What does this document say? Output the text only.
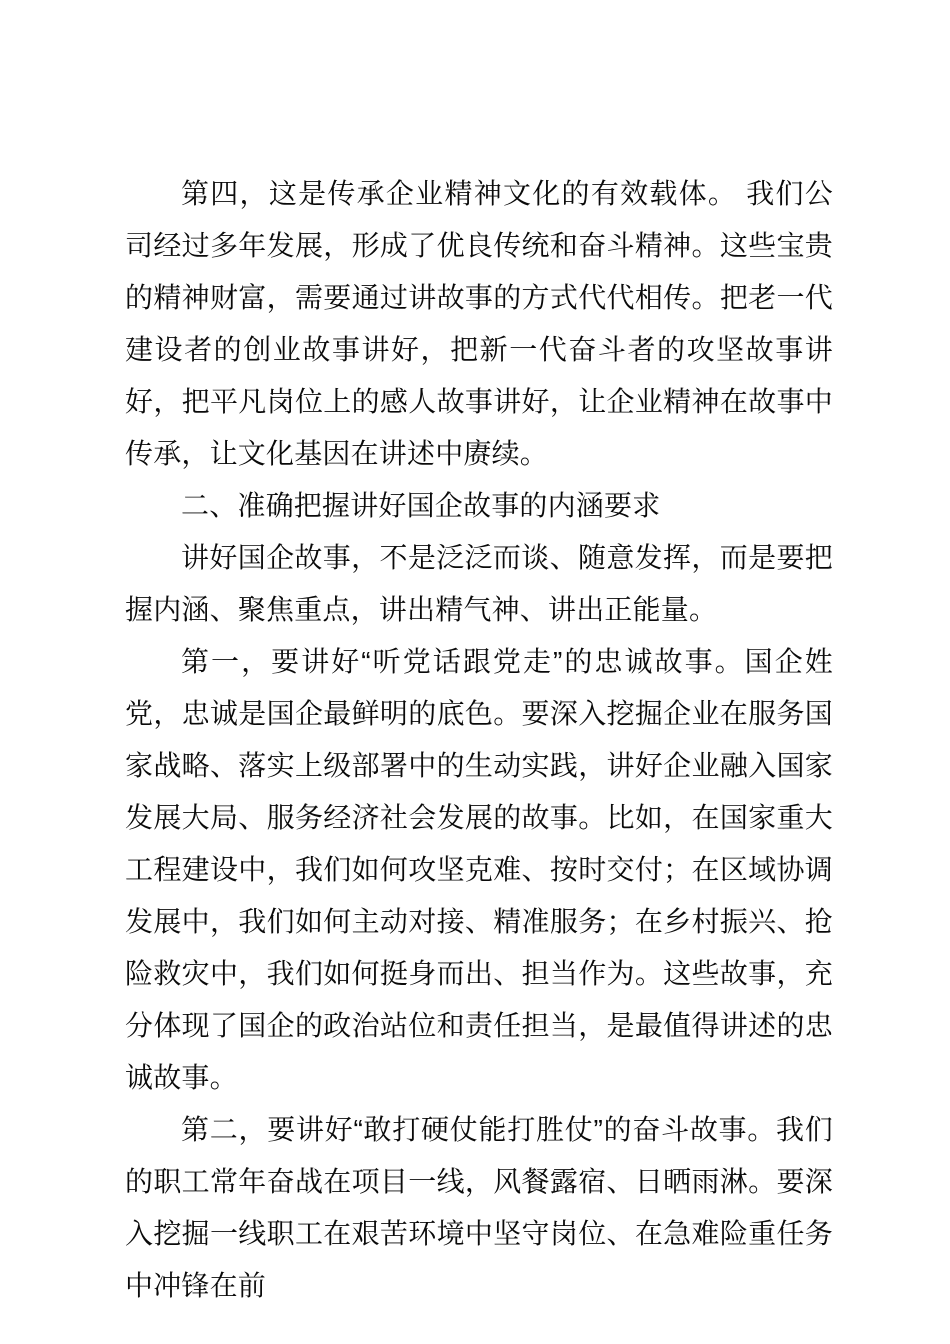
第四，这是传承企业精神文化的有效载体。 我们公司经过多年发展，形成了优良传统和奋斗精神。这些宝贵的精神财富，需要通过讲故事的方式代代相传。把老一代建设者的创业故事讲好，把新一代奋斗者的攻坚故事讲好，把平凡岗位上的感人故事讲好，让企业精神在故事中传承，让文化基因在讲述中赓续。

二、准确把握讲好国企故事的内涵要求

讲好国企故事，不是泛泛而谈、随意发挥，而是要把握内涵、聚焦重点，讲出精气神、讲出正能量。

第一，要讲好“听党话跟党走”的忠诚故事。国企姓党，忠诚是国企最鲜明的底色。要深入挖掘企业在服务国家战略、落实上级部署中的生动实践，讲好企业融入国家发展大局、服务经济社会发展的故事。比如，在国家重大工程建设中，我们如何攻坚克难、按时交付；在区域协调发展中，我们如何主动对接、精准服务；在乡村振兴、抢险救灾中，我们如何挺身而出、担当作为。这些故事，充分体现了国企的政治站位和责任担当，是最值得讲述的忠诚故事。

第二，要讲好“敢打硬仗能打胜仗”的奋斗故事。我们的职工常年奋战在项目一线，风餐露宿、日晒雨淋。要深入挖掘一线职工在艰苦环境中坚守岗位、在急难险重任务中冲锋在前
